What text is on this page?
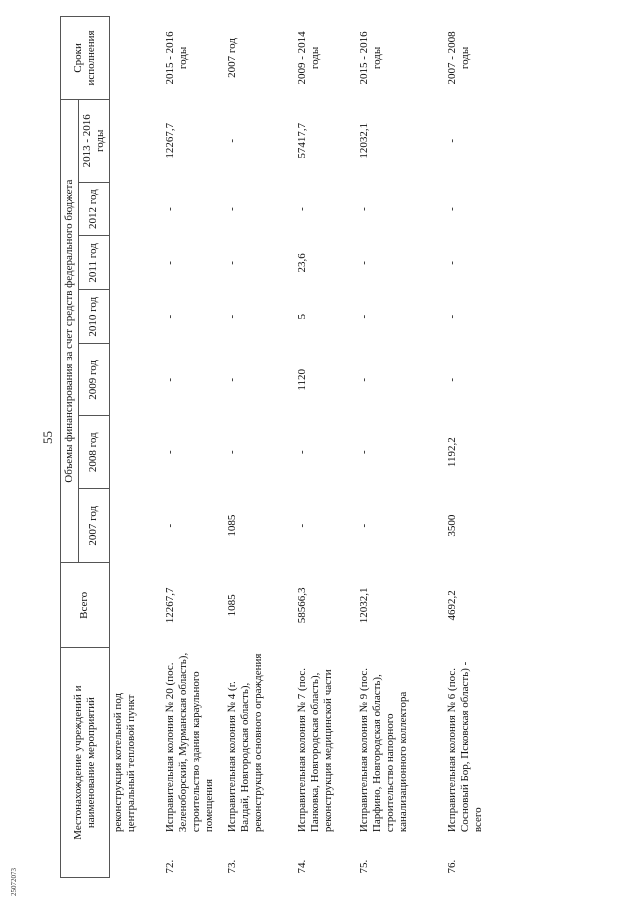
55
25072073
Местонахождение учреждений и наименование мероприятий		Всего	Объемы финансирования за счет средств федерального бюджета							Сроки исполнения
			2007 год	2008 год	2009 год	2010 год	2011 год	2012 год	2013 - 2016 годы	
	реконструкция котельной под центральный тепловой пункт									
72.	Исправительная колония № 20 (пос. Зеленоборский, Мурманская область), строительство здания караульного помещения	12267,7	-	-	-	-	-	-	12267,7	2015 - 2016 годы
73.	Исправительная колония № 4 (г. Валдай, Новгородская область), реконструкция основного ограждения	1085	1085	-	-	-	-	-	-	2007 год
74.	Исправительная колония № 7 (пос. Панковка, Новгородская область), реконструкция медицинской части	58566,3	-	-	1120	5	23,6	-	57417,7	2009 - 2014 годы
75.	Исправительная колония № 9 (пос. Парфино, Новгородская область), строительство напорного канализационного коллектора	12032,1	-	-	-	-	-	-	12032,1	2015 - 2016 годы
76.	Исправительная колония № 6 (пос. Сосновый Бор, Псковская область) - всего	4692,2	3500	1192,2	-	-	-	-	-	2007 - 2008 годы
